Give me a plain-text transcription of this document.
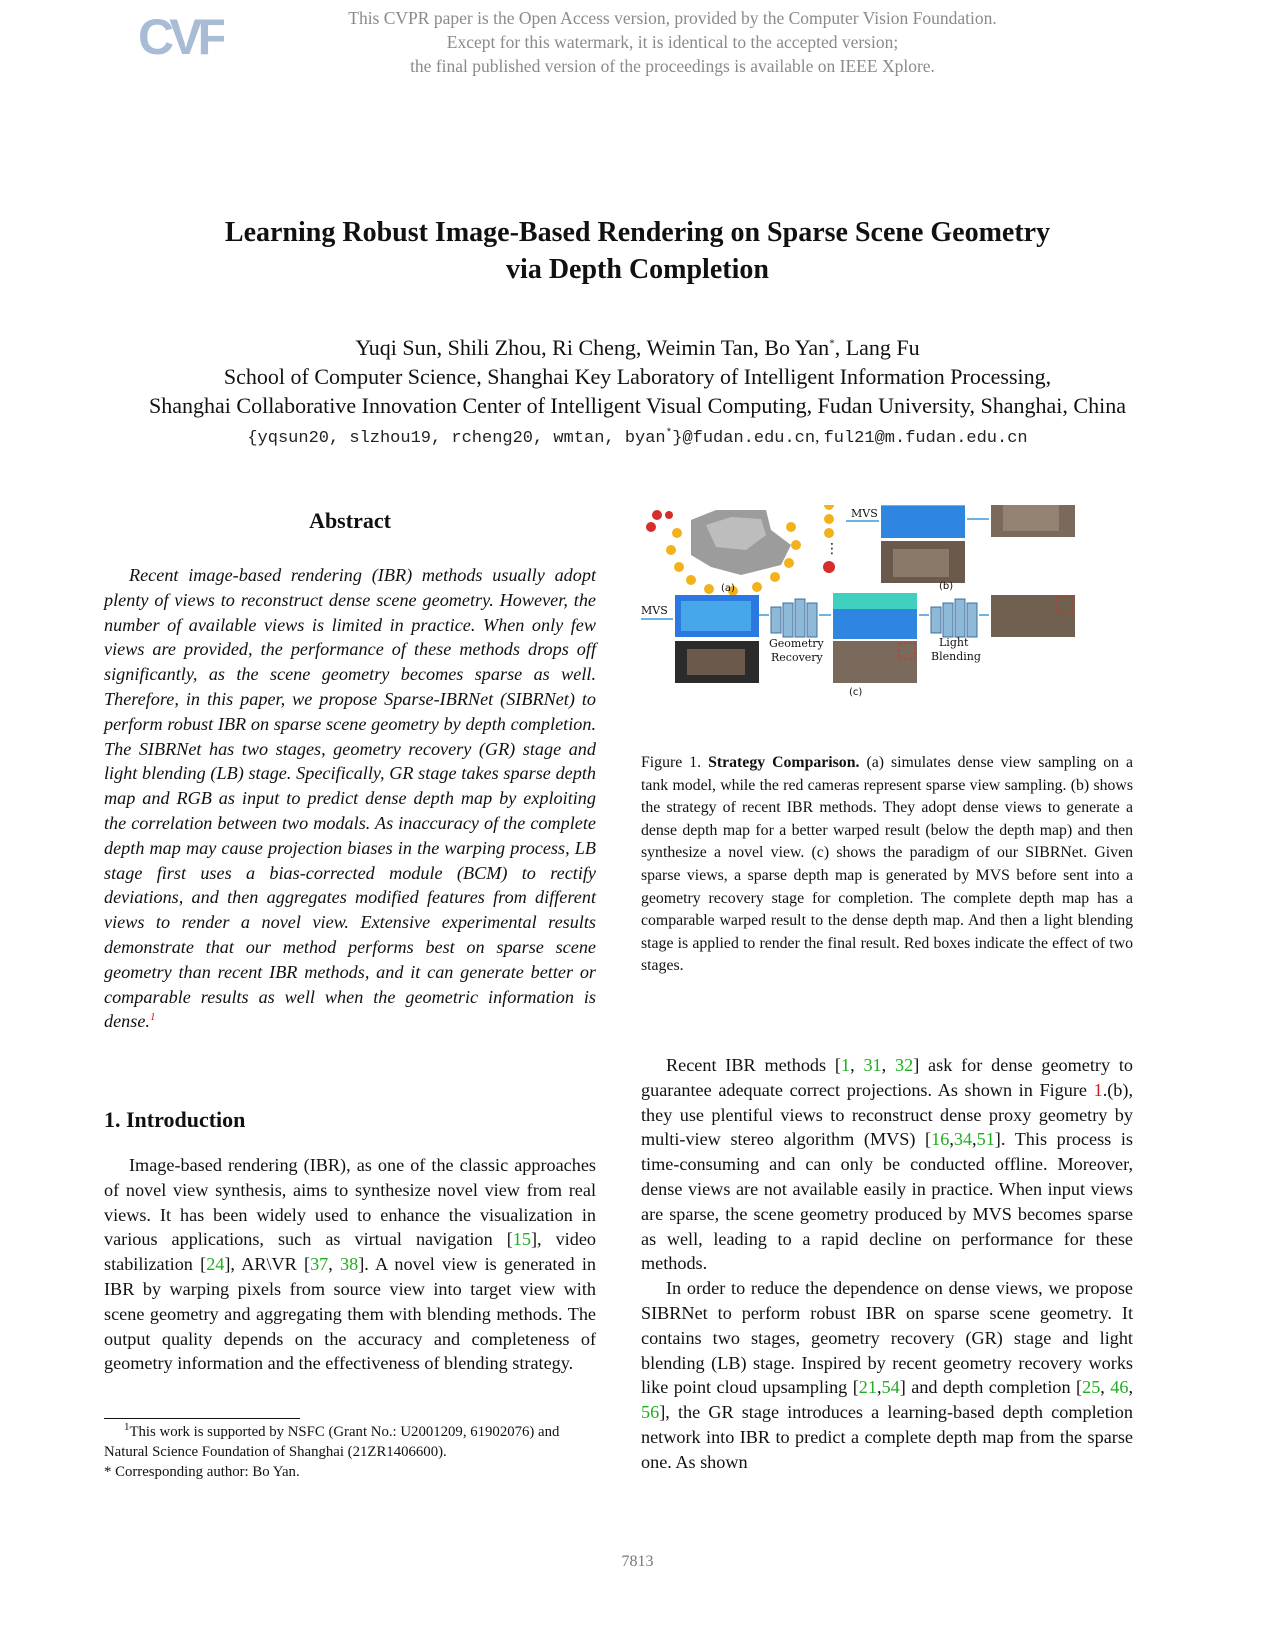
CVF	This CVPR paper is the Open Access version, provided by the Computer Vision Foundation.
Except for this watermark, it is identical to the accepted version;
the final published version of the proceedings is available on IEEE Xplore.
Learning Robust Image-Based Rendering on Sparse Scene Geometry
via Depth Completion
Yuqi Sun, Shili Zhou, Ri Cheng, Weimin Tan, Bo Yan*, Lang Fu
School of Computer Science, Shanghai Key Laboratory of Intelligent Information Processing,
Shanghai Collaborative Innovation Center of Intelligent Visual Computing, Fudan University, Shanghai, China
{yqsun20, slzhou19, rcheng20, wmtan, byan*}@fudan.edu.cn, ful21@m.fudan.edu.cn
Abstract
Recent image-based rendering (IBR) methods usually adopt plenty of views to reconstruct dense scene geometry. However, the number of available views is limited in practice. When only few views are provided, the performance of these methods drops off significantly, as the scene geometry becomes sparse as well. Therefore, in this paper, we propose Sparse-IBRNet (SIBRNet) to perform robust IBR on sparse scene geometry by depth completion. The SIBRNet has two stages, geometry recovery (GR) stage and light blending (LB) stage. Specifically, GR stage takes sparse depth map and RGB as input to predict dense depth map by exploiting the correlation between two modals. As inaccuracy of the complete depth map may cause projection biases in the warping process, LB stage first uses a bias-corrected module (BCM) to rectify deviations, and then aggregates modified features from different views to render a novel view. Extensive experimental results demonstrate that our method performs best on sparse scene geometry than recent IBR methods, and it can generate better or comparable results as well when the geometric information is dense.$^1$
1. Introduction

Image-based rendering (IBR), as one of the classic approaches of novel view synthesis, aims to synthesize novel view from real views. It has been widely used to enhance the visualization in various applications, such as virtual navigation [15], video stabilization [24], AR\VR [37, 38]. A novel view is generated in IBR by warping pixels from source view into target view with scene geometry and aggregating them with blending methods. The output quality depends on the accuracy and completeness of geometry information and the effectiveness of blending strategy.

$^1$This work is supported by NSFC (Grant No.: U2001209, 61902076) and Natural Science Foundation of Shanghai (21ZR1406600).
* Corresponding author: Bo Yan.
(a)
⋮
MVS
(b)
MVS
Geometry
Recovery
Light
Blending
(c)
Figure 1. Strategy Comparison. (a) simulates dense view sampling on a tank model, while the red cameras represent sparse view sampling. (b) shows the strategy of recent IBR methods. They adopt dense views to generate a dense depth map for a better warped result (below the depth map) and then synthesize a novel view. (c) shows the paradigm of our SIBRNet. Given sparse views, a sparse depth map is generated by MVS before sent into a geometry recovery stage for completion. The complete depth map has a comparable warped result to the dense depth map. And then a light blending stage is applied to render the final result. Red boxes indicate the effect of two stages.

Recent IBR methods [1, 31, 32] ask for dense geometry to guarantee adequate correct projections. As shown in Figure 1.(b), they use plentiful views to reconstruct dense proxy geometry by multi-view stereo algorithm (MVS) [16,34,51]. This process is time-consuming and can only be conducted offline. Moreover, dense views are not available easily in practice. When input views are sparse, the scene geometry produced by MVS becomes sparse as well, leading to a rapid decline on performance for these methods.

In order to reduce the dependence on dense views, we propose SIBRNet to perform robust IBR on sparse scene geometry. It contains two stages, geometry recovery (GR) stage and light blending (LB) stage. Inspired by recent geometry recovery works like point cloud upsampling [21,54] and depth completion [25, 46, 56], the GR stage introduces a learning-based depth completion network into IBR to predict a complete depth map from the sparse one. As shown

7813
